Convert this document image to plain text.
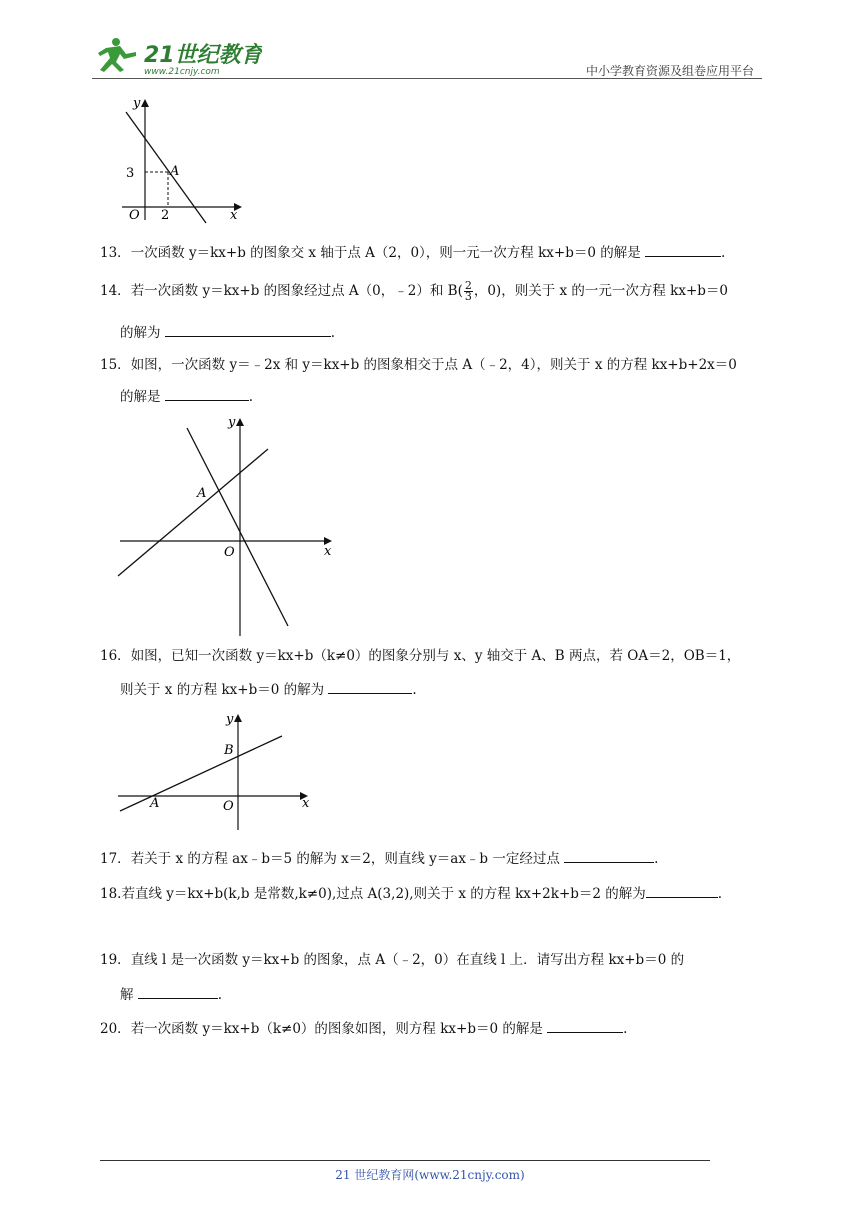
21世纪教育
www.21cnjy.com	中小学教育资源及组卷应用平台
y
x
O
3
2
A
13．一次函数 y＝kx+b 的图象交 x 轴于点 A（2，0），则一元一次方程 kx+b＝0 的解是	.
14．若一次函数 y＝kx+b 的图象经过点 A（0，﹣2）和 $B( \frac{2}{3}$ ，0)，则关于 x 的一元一次方程 kx+b＝0
的解为	.
15．如图，一次函数 y＝﹣2x 和 y＝kx+b 的图象相交于点 A（﹣2，4），则关于 x 的方程 kx+b+2x＝0
的解是	.
y
x
O
A
16．如图，已知一次函数 y＝kx+b（k≠0）的图象分别与 x、y 轴交于 A、B 两点，若 OA＝2，OB＝1，
则关于 x 的方程 kx+b＝0 的解为	.
y
x
O
A
B
17．若关于 x 的方程 ax﹣b＝5 的解为 x＝2，则直线 y＝ax﹣b 一定经过点	.
18.若直线 y＝kx+b(k,b 是常数,k≠0),过点 A(3,2),则关于 x 的方程 kx+2k+b＝2 的解为	.
19．直线 l 是一次函数 y＝kx+b 的图象，点 A（﹣2，0）在直线 l 上．请写出方程 kx+b＝0 的
解	.
20．若一次函数 y＝kx+b（k≠0）的图象如图，则方程 kx+b＝0 的解是	.
21 世纪教育网(www.21cnjy.com)
